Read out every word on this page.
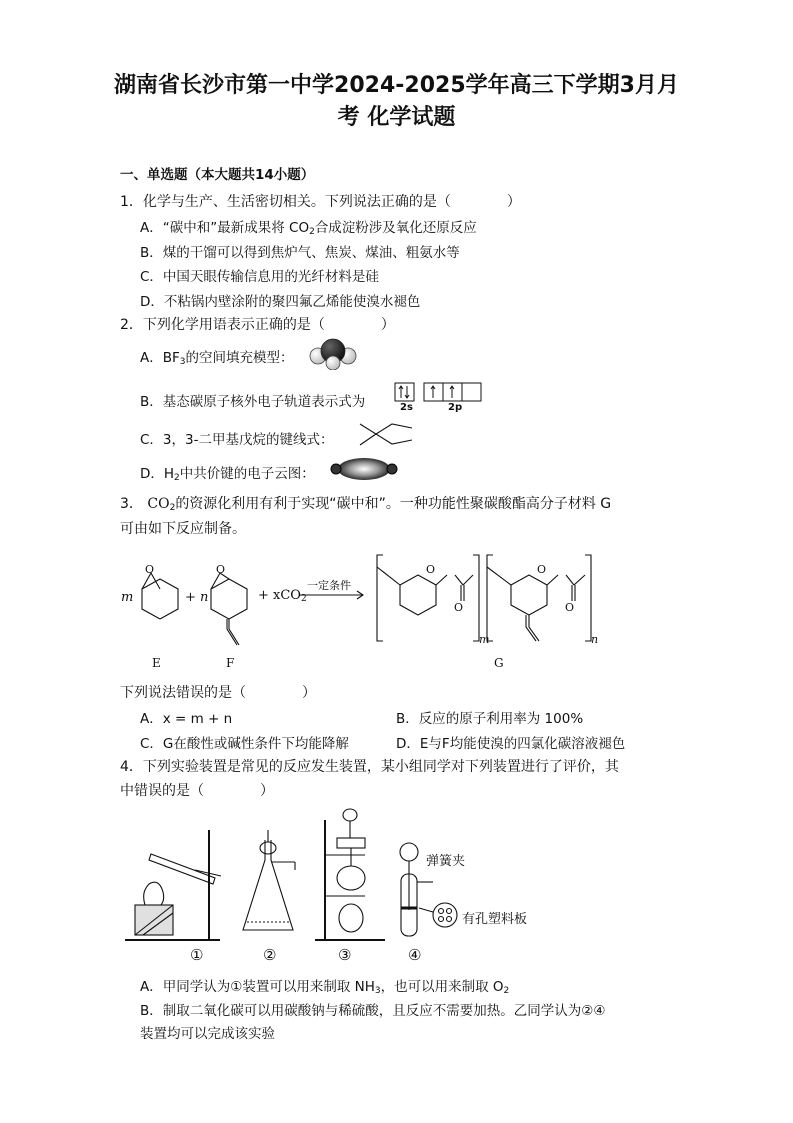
湖南省长沙市第一中学2024-2025学年高三下学期3月月
考 化学试题
一、单选题（本大题共14小题）
1．化学与生产、生活密切相关。下列说法正确的是（　　　　）
A．“碳中和”最新成果将 $CO_2$合成淀粉涉及氧化还原反应
B．煤的干馏可以得到焦炉气、焦炭、煤油、粗氨水等
C．中国天眼传输信息用的光纤材料是硅
D．不粘锅内壁涂附的聚四氟乙烯能使溴水褪色
2．下列化学用语表示正确的是（　　　　）
A．$BF_3$的空间填充模型：
B．基态碳原子核外电子轨道表示式为	2s	2p
C．3，3-二甲基戊烷的键线式：
D．$H_2$中共价键的电子云图：
3． $CO_2$的资源化利用有利于实现“碳中和”。一种功能性聚碳酸酯高分子材料 G
可由如下反应制备。
O
O
O
O
O	O
m	+ n	+ xCO$_2$
一定条件
m	n
E	F	G
下列说法错误的是（　　　　）
A．x = m + n	B．反应的原子利用率为 100%
C．G在酸性或碱性条件下均能降解	D．E与F均能使溴的四氯化碳溶液褪色
4．下列实验装置是常见的反应发生装置，某小组同学对下列装置进行了评价，其
中错误的是（　　　　）
弹簧夹
有孔塑料板
①	②	③	④
A．甲同学认为①装置可以用来制取 $NH_3$，也可以用来制取 $O_2$
B．制取二氧化碳可以用碳酸钠与稀硫酸，且反应不需要加热。乙同学认为②④
装置均可以完成该实验
